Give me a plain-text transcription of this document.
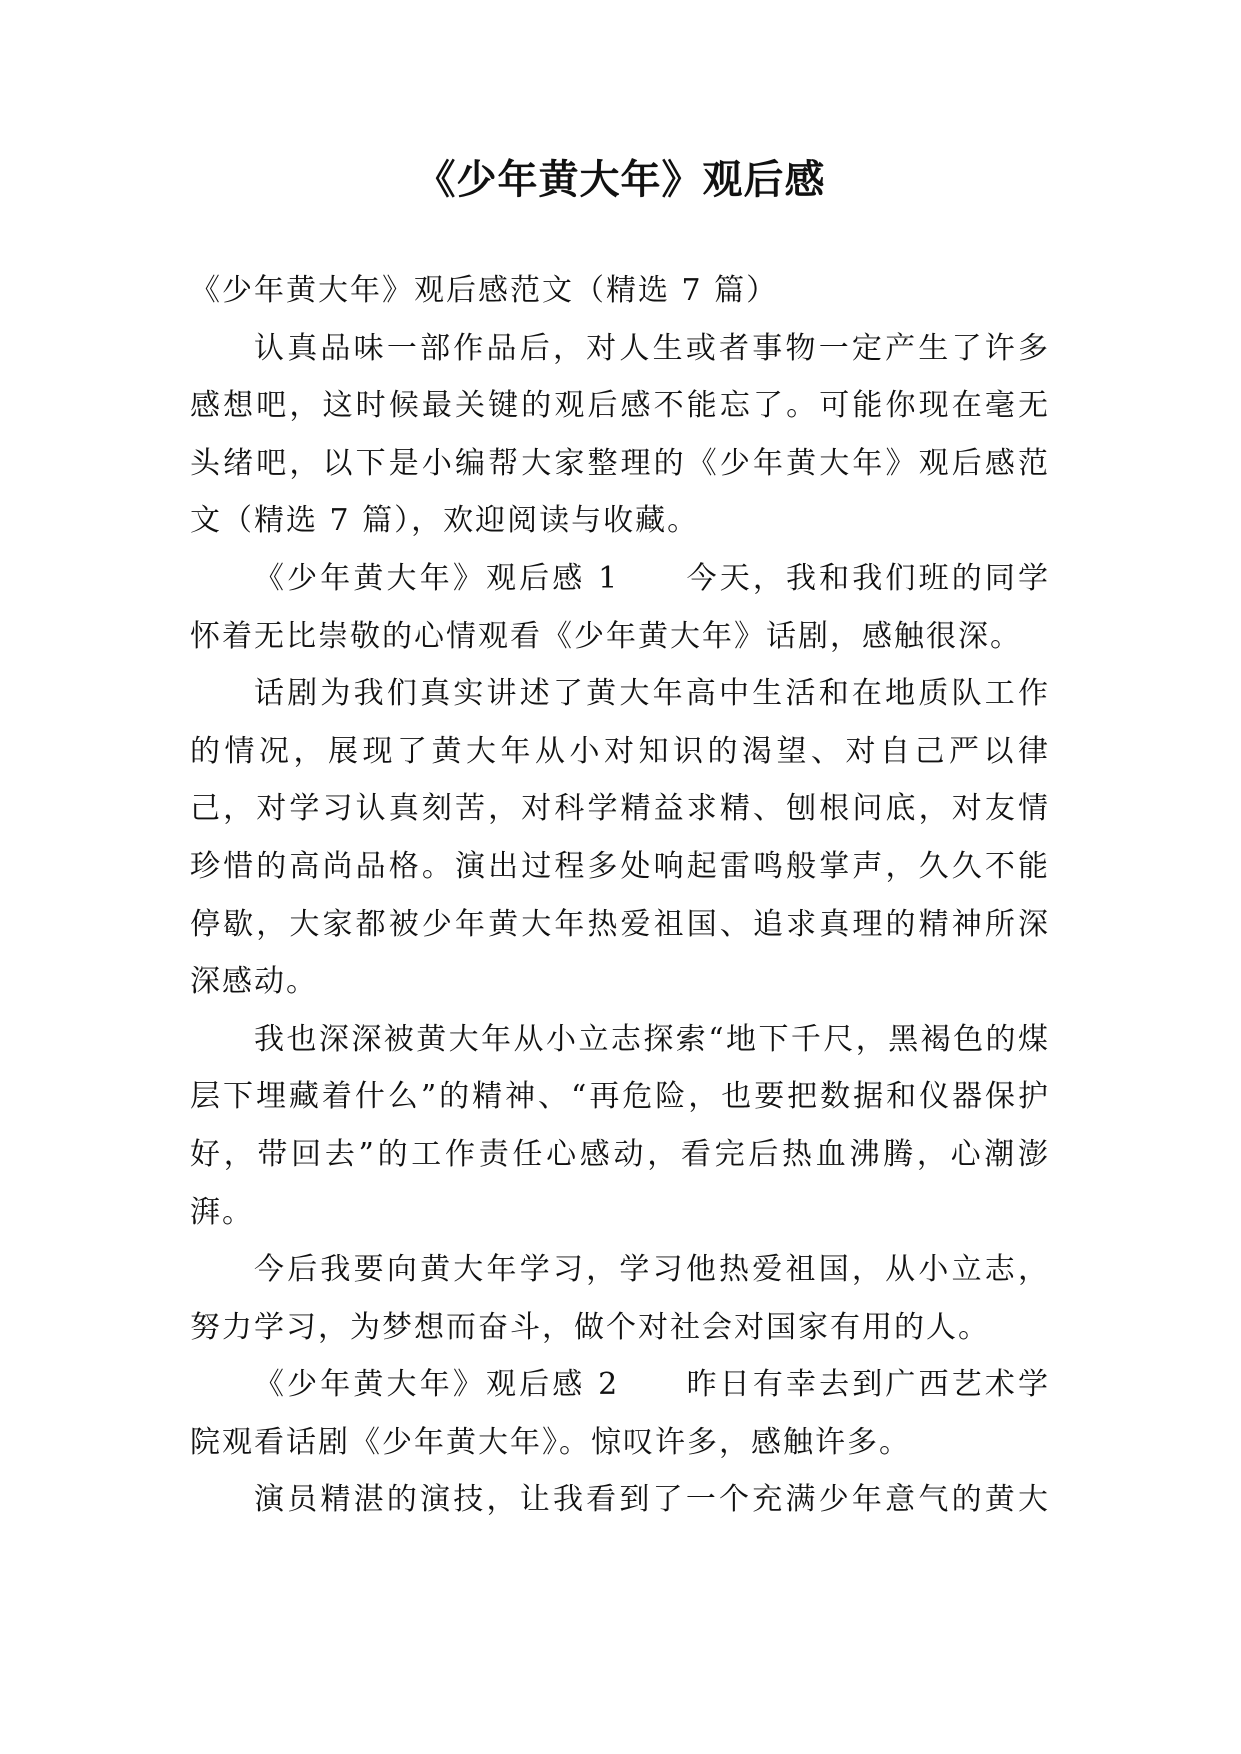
《少年黄大年》观后感

《少年黄大年》观后感范文（精选 7 篇）

认真品味一部作品后，对人生或者事物一定产生了许多感想吧，这时候最关键的观后感不能忘了。可能你现在毫无头绪吧，以下是小编帮大家整理的《少年黄大年》观后感范文（精选 7 篇），欢迎阅读与收藏。

《少年黄大年》观后感 1　　今天，我和我们班的同学怀着无比崇敬的心情观看《少年黄大年》话剧，感触很深。

话剧为我们真实讲述了黄大年高中生活和在地质队工作的情况，展现了黄大年从小对知识的渴望、对自己严以律己，对学习认真刻苦，对科学精益求精、刨根问底，对友情珍惜的高尚品格。演出过程多处响起雷鸣般掌声，久久不能停歇，大家都被少年黄大年热爱祖国、追求真理的精神所深深感动。

我也深深被黄大年从小立志探索“地下千尺，黑褐色的煤层下埋藏着什么”的精神、“再危险，也要把数据和仪器保护好，带回去”的工作责任心感动，看完后热血沸腾，心潮澎湃。

今后我要向黄大年学习，学习他热爱祖国，从小立志，努力学习，为梦想而奋斗，做个对社会对国家有用的人。

《少年黄大年》观后感 2　　昨日有幸去到广西艺术学院观看话剧《少年黄大年》。惊叹许多，感触许多。

演员精湛的演技，让我看到了一个充满少年意气的黄大
